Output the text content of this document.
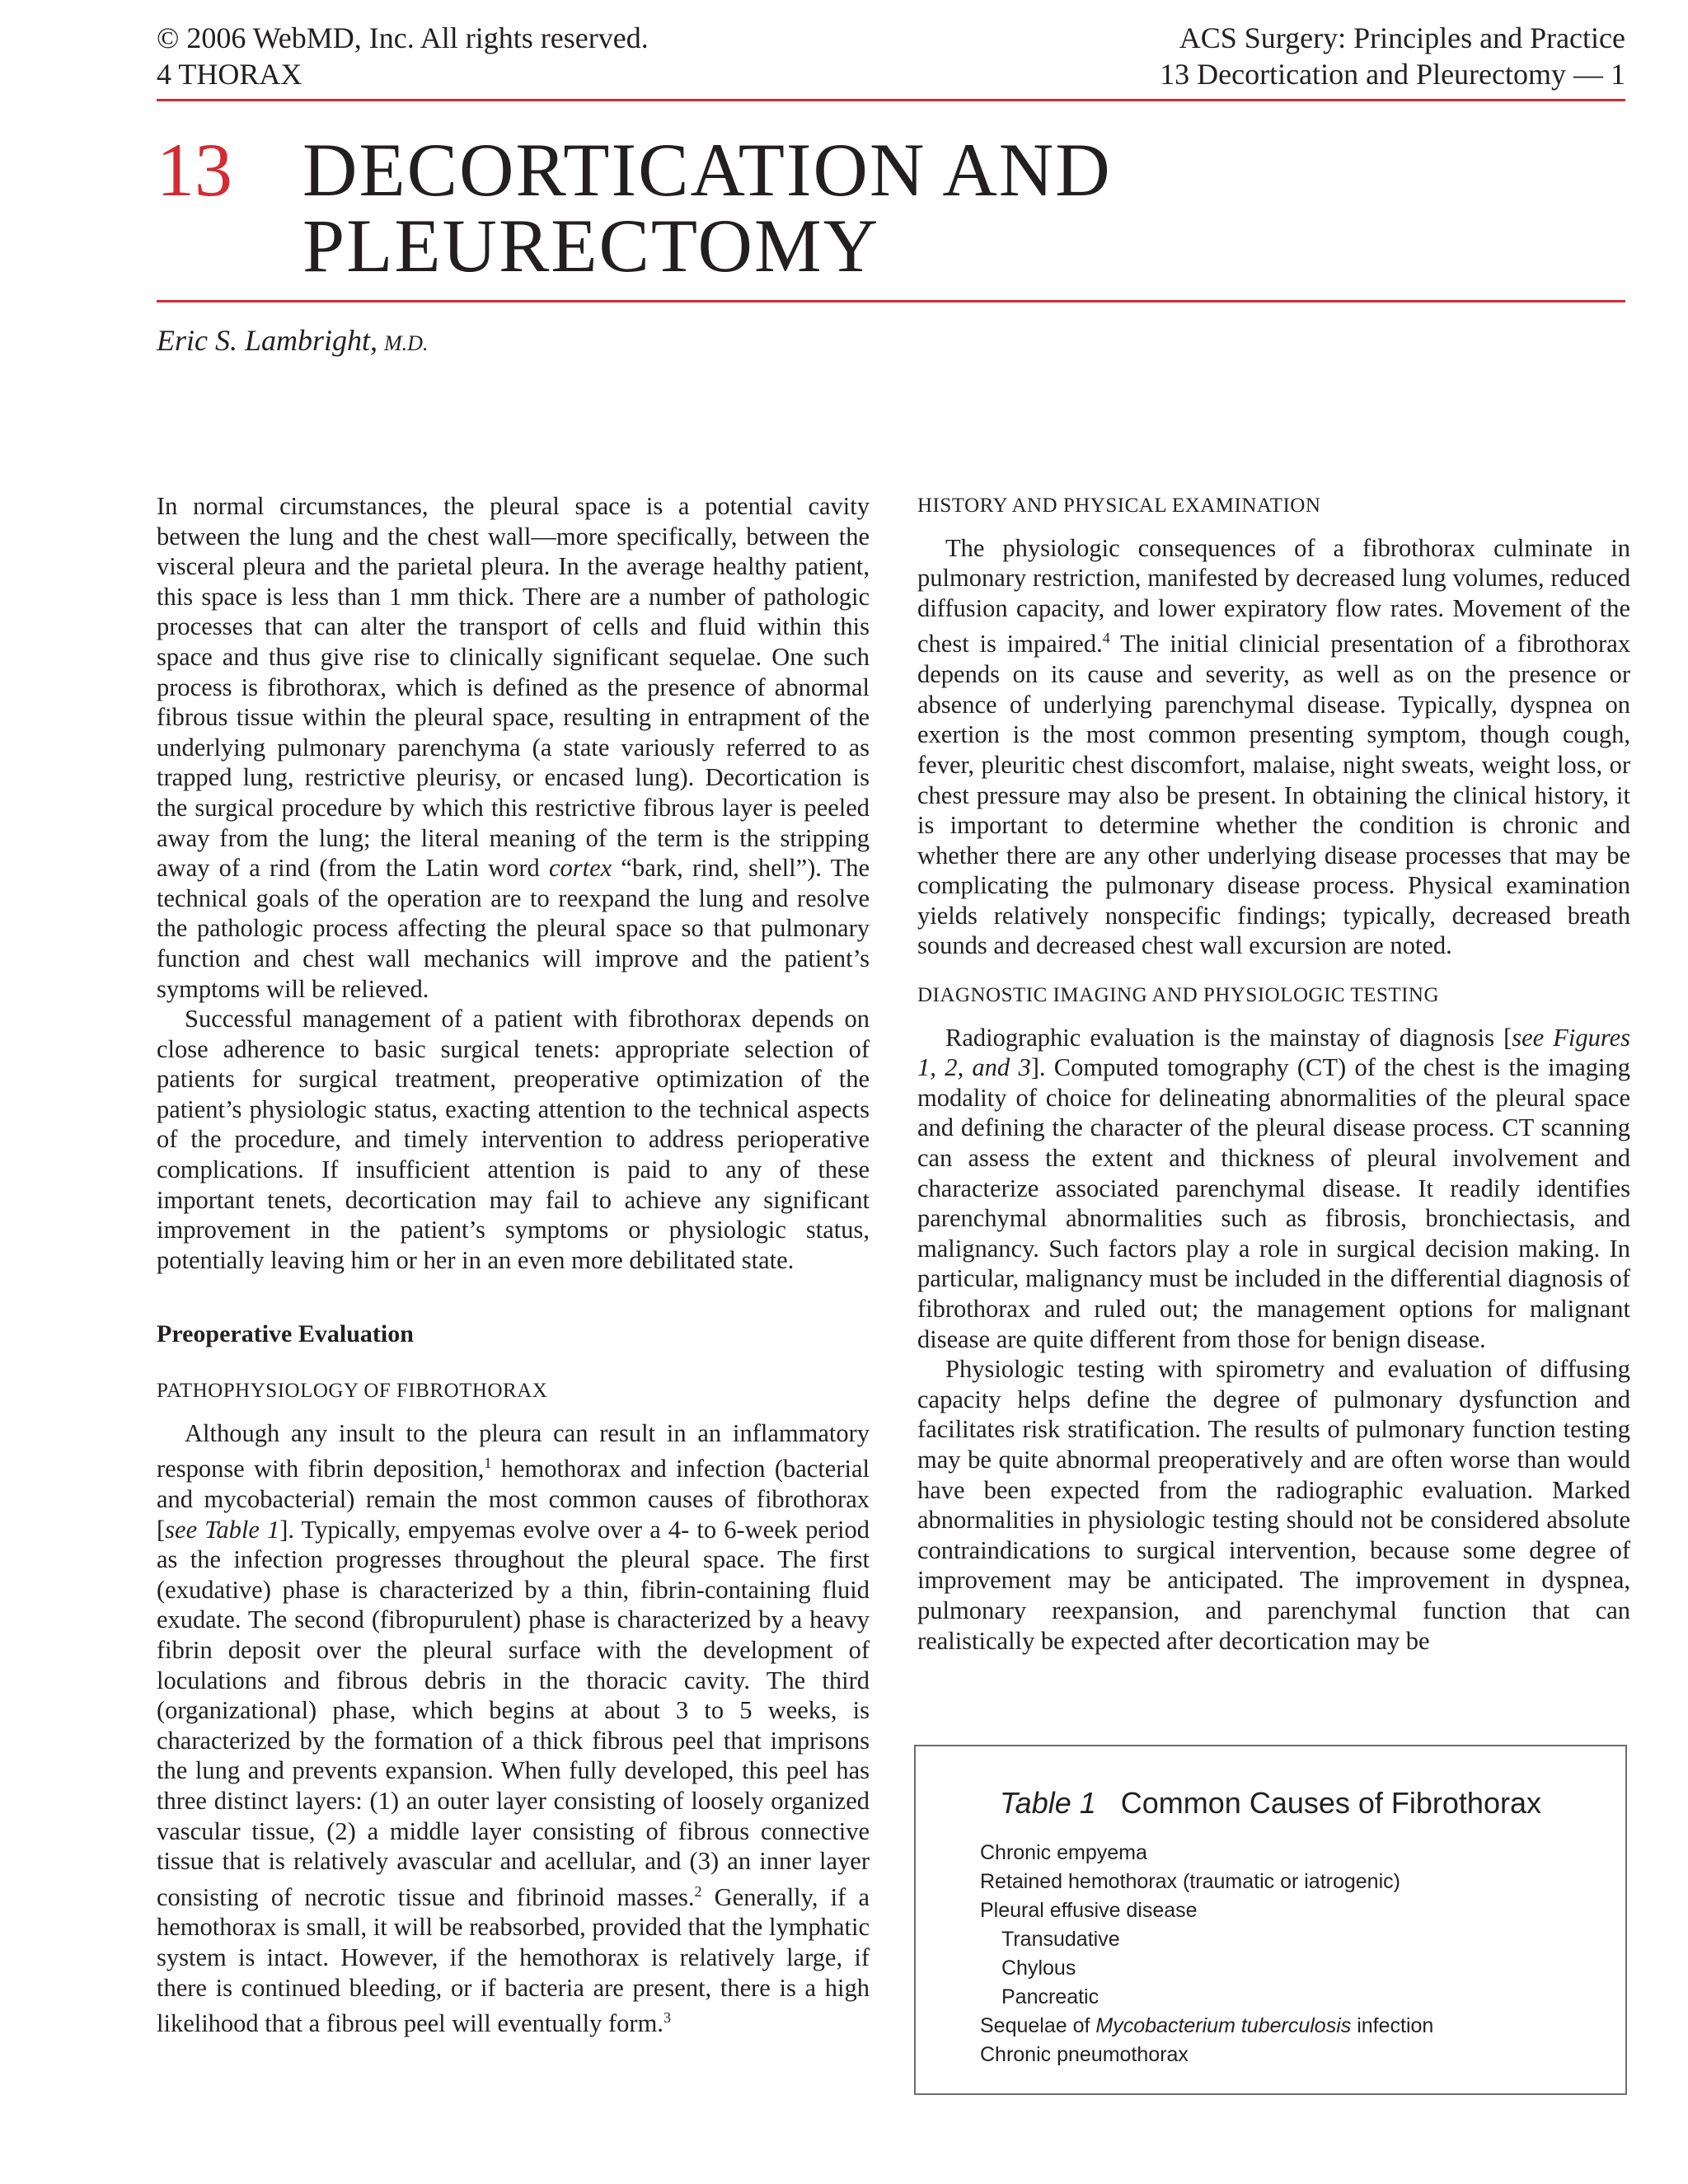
© 2006 WebMD, Inc. All rights reserved.
4 THORAX
ACS Surgery: Principles and Practice
13 Decortication and Pleurectomy — 1
13 DECORTICATION AND
PLEURECTOMY
Eric S. Lambright, M.D.

In normal circumstances, the pleural space is a potential cavity between the lung and the chest wall—more specifically, between the visceral pleura and the parietal pleura. In the average healthy patient, this space is less than 1 mm thick. There are a number of pathologic processes that can alter the transport of cells and fluid within this space and thus give rise to clinically significant sequelae. One such process is fibrothorax, which is defined as the presence of abnormal fibrous tissue within the pleural space, resulting in entrapment of the underlying pulmonary parenchyma (a state variously referred to as trapped lung, restrictive pleurisy, or encased lung). Decortication is the surgical procedure by which this restrictive fibrous layer is peeled away from the lung; the literal meaning of the term is the stripping away of a rind (from the Latin word cortex “bark, rind, shell”). The technical goals of the operation are to reexpand the lung and resolve the pathologic process affecting the pleural space so that pulmonary function and chest wall mechanics will improve and the patient’s symptoms will be relieved.

Successful management of a patient with fibrothorax depends on close adherence to basic surgical tenets: appropriate selection of patients for surgical treatment, preoperative optimization of the patient’s physiologic status, exacting attention to the technical aspects of the procedure, and timely intervention to address perioperative complications. If insufficient attention is paid to any of these important tenets, decortication may fail to achieve any significant improvement in the patient’s symptoms or physiologic status, potentially leaving him or her in an even more debilitated state.

Preoperative Evaluation

PATHOPHYSIOLOGY OF FIBROTHORAX

Although any insult to the pleura can result in an inflammatory response with fibrin deposition,$^1$ hemothorax and infection (bacterial and mycobacterial) remain the most common causes of fibrothorax [see Table 1]. Typically, empyemas evolve over a 4- to 6-week period as the infection progresses throughout the pleural space. The first (exudative) phase is characterized by a thin, fibrin-containing fluid exudate. The second (fibropurulent) phase is characterized by a heavy fibrin deposit over the pleural surface with the development of loculations and fibrous debris in the thoracic cavity. The third (organizational) phase, which begins at about 3 to 5 weeks, is characterized by the formation of a thick fibrous peel that imprisons the lung and prevents expansion. When fully developed, this peel has three distinct layers: (1) an outer layer consisting of loosely organized vascular tissue, (2) a middle layer consisting of fibrous connective tissue that is relatively avascular and acellular, and (3) an inner layer consisting of necrotic tissue and fibrinoid masses.$^2$ Generally, if a hemothorax is small, it will be reabsorbed, provided that the lymphatic system is intact. However, if the hemothorax is relatively large, if there is continued bleeding, or if bacteria are present, there is a high likelihood that a fibrous peel will eventually form.$^3$

HISTORY AND PHYSICAL EXAMINATION

The physiologic consequences of a fibrothorax culminate in pulmonary restriction, manifested by decreased lung volumes, reduced diffusion capacity, and lower expiratory flow rates. Movement of the chest is impaired.$^4$ The initial clinicial presentation of a fibrothorax depends on its cause and severity, as well as on the presence or absence of underlying parenchymal disease. Typically, dyspnea on exertion is the most common presenting symptom, though cough, fever, pleuritic chest discomfort, malaise, night sweats, weight loss, or chest pressure may also be present. In obtaining the clinical history, it is important to determine whether the condition is chronic and whether there are any other underlying disease processes that may be complicating the pulmonary disease process. Physical examination yields relatively nonspecific findings; typically, decreased breath sounds and decreased chest wall excursion are noted.

DIAGNOSTIC IMAGING AND PHYSIOLOGIC TESTING

Radiographic evaluation is the mainstay of diagnosis [see Figures 1, 2, and 3]. Computed tomography (CT) of the chest is the imaging modality of choice for delineating abnormalities of the pleural space and defining the character of the pleural disease process. CT scanning can assess the extent and thickness of pleural involvement and characterize associated parenchymal disease. It readily identifies parenchymal abnormalities such as fibrosis, bronchiectasis, and malignancy. Such factors play a role in surgical decision making. In particular, malignancy must be included in the differential diagnosis of fibrothorax and ruled out; the management options for malignant disease are quite different from those for benign disease.

Physiologic testing with spirometry and evaluation of diffusing capacity helps define the degree of pulmonary dysfunction and facilitates risk stratification. The results of pulmonary function testing may be quite abnormal preoperatively and are often worse than would have been expected from the radiographic evaluation. Marked abnormalities in physiologic testing should not be considered absolute contraindications to surgical intervention, because some degree of improvement may be anticipated. The improvement in dyspnea, pulmonary reexpansion, and parenchymal function that can realistically be expected after decortication may be

Table 1 Common Causes of Fibrothorax
Chronic empyema
Retained hemothorax (traumatic or iatrogenic)
Pleural effusive disease
Transudative
Chylous
Pancreatic
Sequelae of Mycobacterium tuberculosis infection
Chronic pneumothorax
